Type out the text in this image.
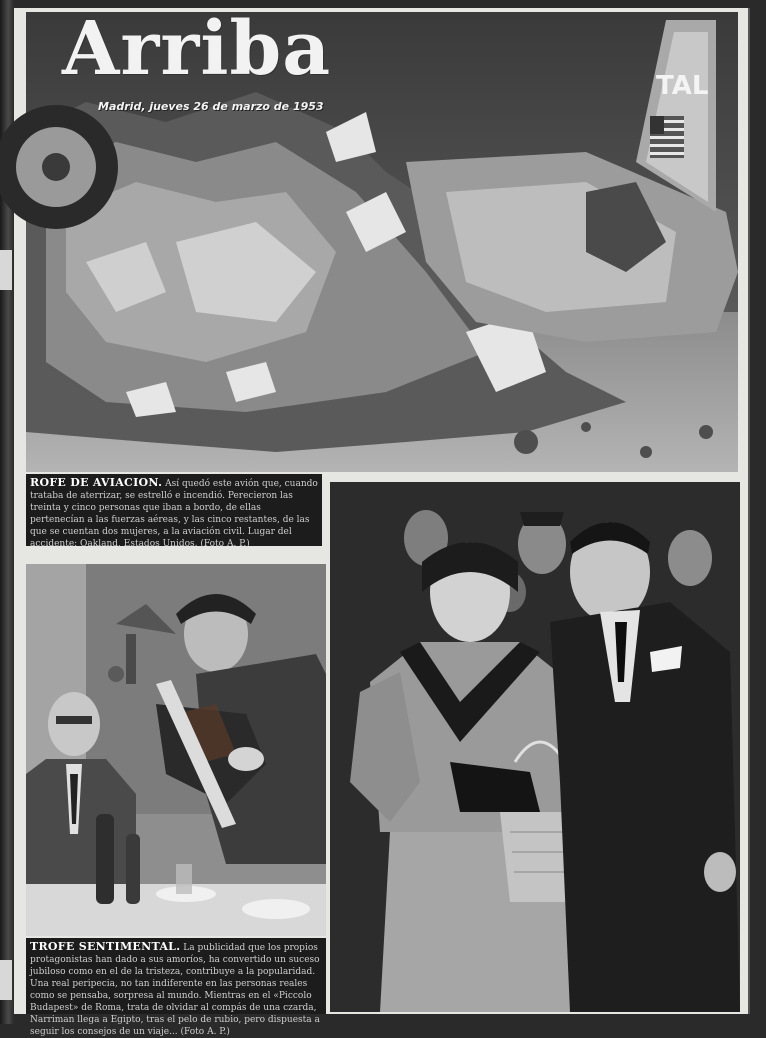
TAL
Arriba
Madrid, jueves 26 de marzo de 1953
ROFE DE AVIACION. Así quedó este avión que, cuando trataba de aterrizar, se estrelló e incendió. Perecieron las treinta y cinco personas que iban a bordo, de ellas pertenecían a las fuerzas aéreas, y las cinco restantes, de las que se cuentan dos mujeres, a la aviación civil. Lugar del accidente: Oakland, Estados Unidos. (Foto A. P.)
TROFE SENTIMENTAL. La publicidad que los propios protagonistas han dado a sus amoríos, ha convertido un suceso jubiloso como en el de la tristeza, contribuye a la popularidad. Una real peripecia, no tan indiferente en las personas reales como se pensaba, sorpresa al mundo. Mientras en el «Piccolo Budapest» de Roma, trata de olvidar al compás de una czarda, Narriman llega a Egipto, tras el pelo de rubio, pero dispuesta a seguir los consejos de un viaje... (Foto A. P.)
